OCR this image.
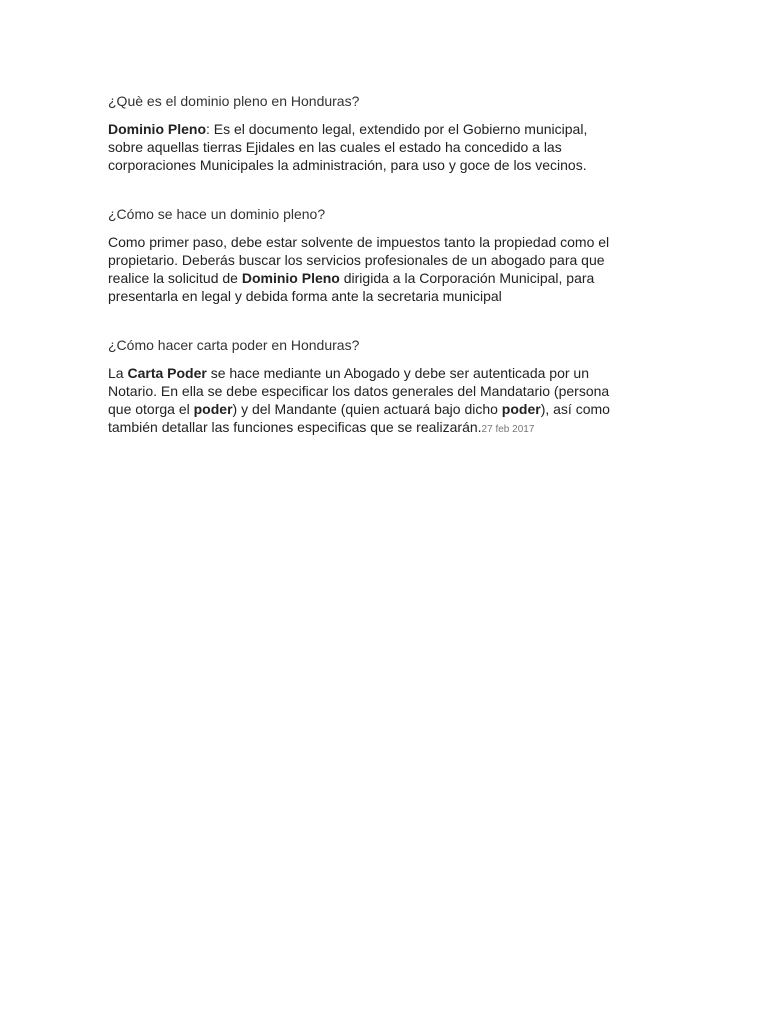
¿Què es el dominio pleno en Honduras?

Dominio Pleno: Es el documento legal, extendido por el Gobierno municipal,
sobre aquellas tierras Ejidales en las cuales el estado ha concedido a las
corporaciones Municipales la administración, para uso y goce de los vecinos.

¿Cómo se hace un dominio pleno?

Como primer paso, debe estar solvente de impuestos tanto la propiedad como el
propietario. Deberás buscar los servicios profesionales de un abogado para que
realice la solicitud de Dominio Pleno dirigida a la Corporación Municipal, para
presentarla en legal y debida forma ante la secretaria municipal

¿Cómo hacer carta poder en Honduras?

La Carta Poder se hace mediante un Abogado y debe ser autenticada por un
Notario. En ella se debe especificar los datos generales del Mandatario (persona
que otorga el poder) y del Mandante (quien actuará bajo dicho poder), así como
también detallar las funciones especificas que se realizarán.27 feb 2017
